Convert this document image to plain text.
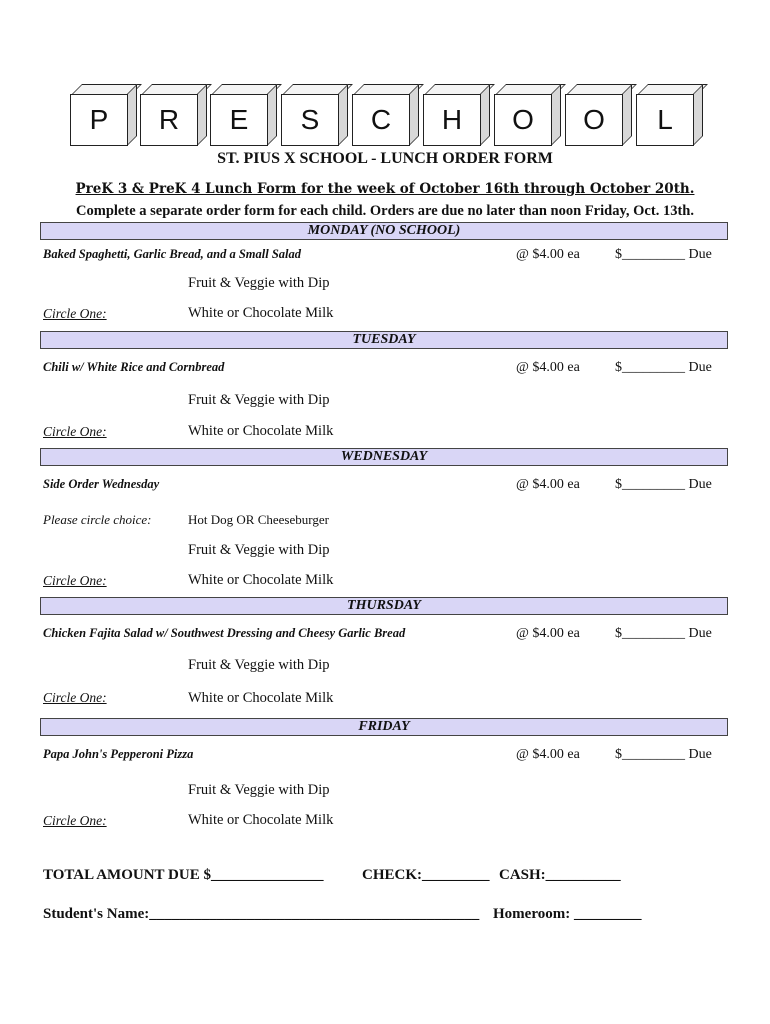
P	R	E	S	C	H	O	O	L
ST. PIUS X SCHOOL - LUNCH ORDER FORM
PreK 3 & PreK 4 Lunch Form for the week of October 16th through October 20th.
Complete a separate order form for each child. Orders are due no later than noon Friday, Oct. 13th.
MONDAY (NO SCHOOL)
Baked Spaghetti, Garlic Bread, and a Small Salad	@ $4.00 ea	$_________ Due
Fruit & Veggie with Dip
Circle One:	White or Chocolate Milk
TUESDAY
Chili w/ White Rice and Cornbread	@ $4.00 ea	$_________ Due
Fruit & Veggie with Dip
Circle One:	White or Chocolate Milk
WEDNESDAY
Side Order Wednesday	@ $4.00 ea	$_________ Due
Please circle choice:	Hot Dog OR Cheeseburger
Fruit & Veggie with Dip
Circle One:	White or Chocolate Milk
THURSDAY
Chicken Fajita Salad w/ Southwest Dressing and Cheesy Garlic Bread	@ $4.00 ea	$_________ Due
Fruit & Veggie with Dip
Circle One:	White or Chocolate Milk
FRIDAY
Papa John's Pepperoni Pizza	@ $4.00 ea	$_________ Due
Fruit & Veggie with Dip
Circle One:	White or Chocolate Milk
TOTAL AMOUNT DUE $_______________	CHECK:_________ CASH:__________
Student's Name:____________________________________________ Homeroom: _________
